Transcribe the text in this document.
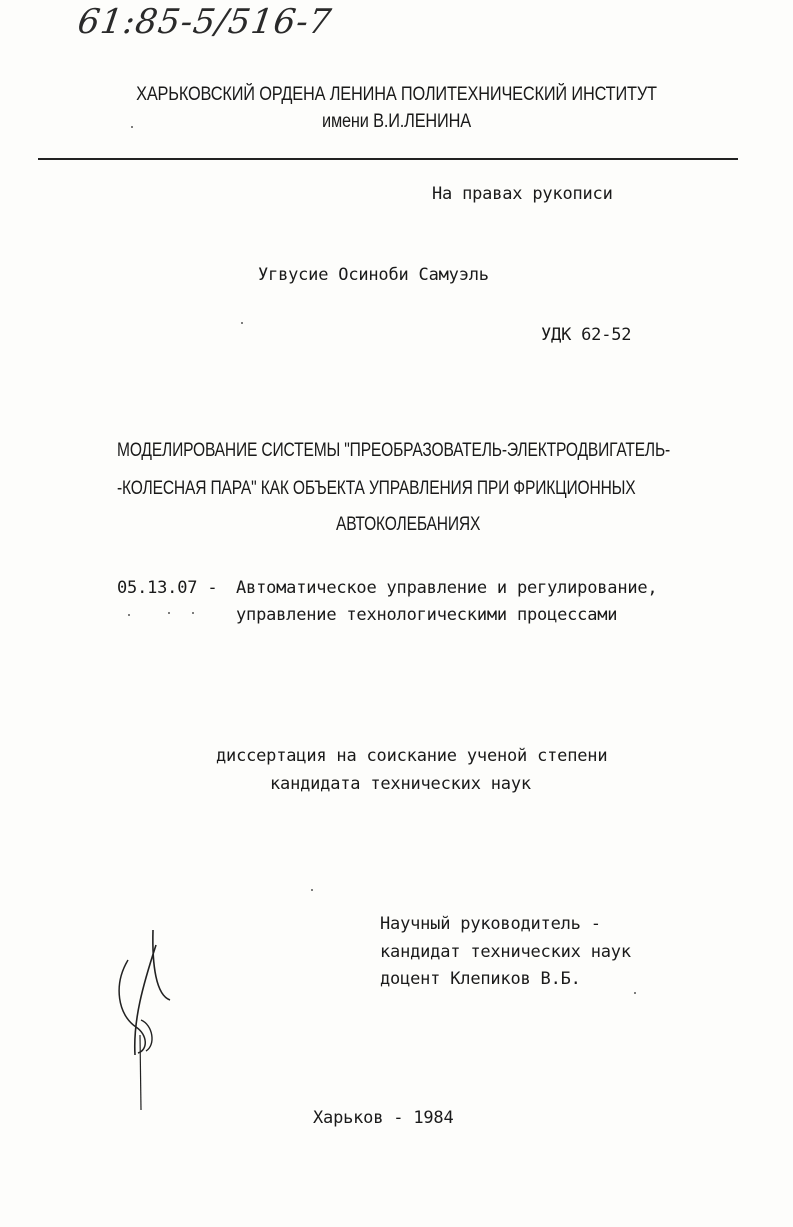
61:85-5/516-7
ХАРЬКОВСКИЙ ОРДЕНА ЛЕНИНА ПОЛИТЕХНИЧЕСКИЙ ИНСТИТУТ
имени В.И.ЛЕНИНА
На правах рукописи
Угвусие Осиноби Самуэль
УДК 62-52
МОДЕЛИРОВАНИЕ СИСТЕМЫ "ПРЕОБРАЗОВАТЕЛЬ-ЭЛЕКТРОДВИГАТЕЛЬ-
-КОЛЕСНАЯ ПАРА" КАК ОБЪЕКТА УПРАВЛЕНИЯ ПРИ ФРИКЦИОННЫХ
АВТОКОЛЕБАНИЯХ
05.13.07 - Автоматическое управление и регулирование,
управление технологическими процессами
диссертация на соискание ученой степени
кандидата технических наук
Научный руководитель -
кандидат технических наук
доцент Клепиков В.Б.
Харьков - 1984
